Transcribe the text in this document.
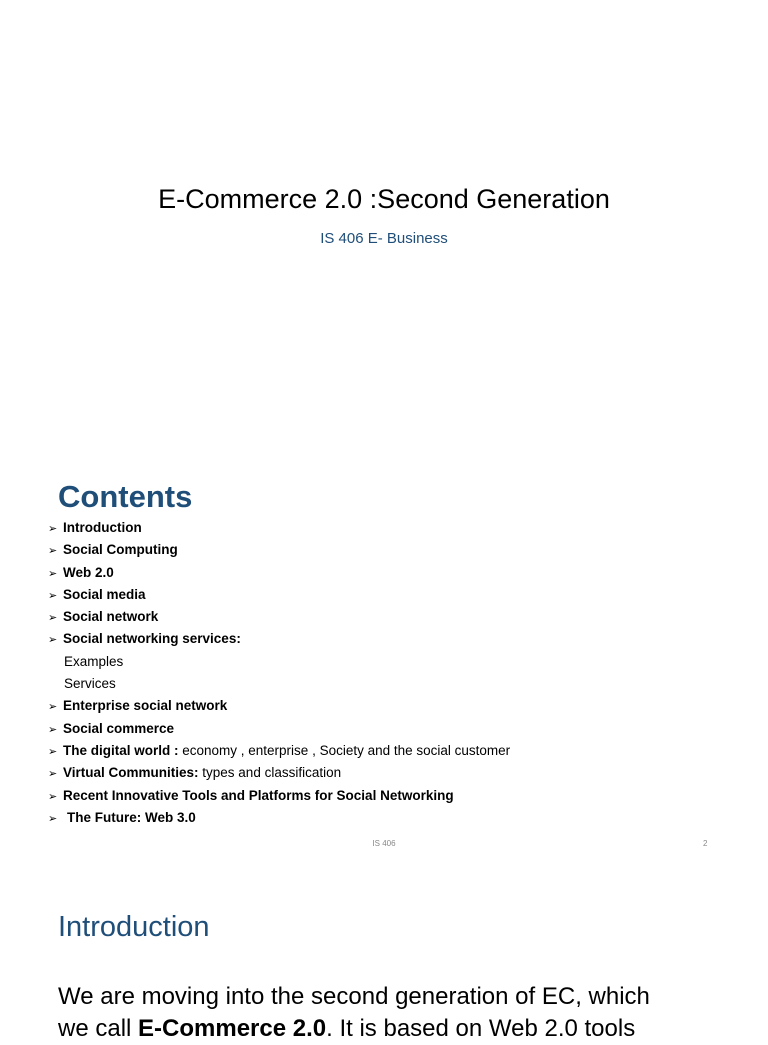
E-Commerce 2.0 :Second Generation
IS 406 E- Business
Contents
➢ Introduction
➢ Social Computing
➢ Web 2.0
➢ Social media
➢ Social network
➢ Social networking services:
Examples
Services
➢ Enterprise social network
➢ Social commerce
➢ The digital world : economy , enterprise , Society and the social customer
➢ Virtual Communities: types and classification
➢ Recent Innovative Tools and Platforms for Social Networking
➢ The Future: Web 3.0
IS 406	2
Introduction

We are moving into the second generation of EC, which
we call E-Commerce 2.0. It is based on Web 2.0 tools
